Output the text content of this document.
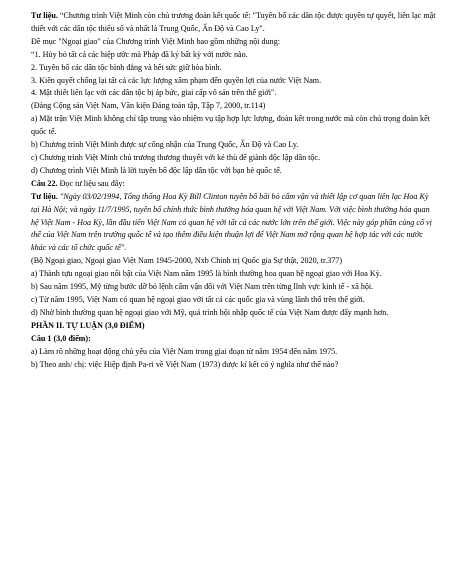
Tư liệu. “Chương trình Việt Minh còn chủ trương đoàn kết quốc tế: "Tuyên bố các dân tộc được quyền tự quyết, liên lạc mật thiết với các dân tộc thiểu số và nhất là Trung Quốc, Ấn Độ và Cao Ly".

Đề mục "Ngoại giao" của Chương trình Việt Minh bao gồm những nội dung:

“1. Hủy bỏ tất cả các hiệp ước mà Pháp đã ký bất kỳ với nước nào.

2. Tuyên bố các dân tộc bình đẳng và hết sức giữ hòa bình.

3. Kiên quyết chống lại tất cả các lực lượng xâm phạm đến quyền lợi của nước Việt Nam.

4. Mật thiết liên lạc với các dân tộc bị áp bức, giai cấp vô sản trên thế giới".

(Đảng Cộng sản Việt Nam, Văn kiện Đảng toàn tập, Tập 7, 2000, tr.114)

a) Mặt trận Việt Minh không chỉ tập trung vào nhiệm vụ tập hợp lực lượng, đoàn kết trong nước mà còn chú trọng đoàn kết quốc tế.

b) Chương trình Việt Minh được sự công nhận của Trung Quốc, Ấn Độ và Cao Ly.

c) Chương trình Việt Minh chủ trương thương thuyết với kẻ thù để giành độc lập dân tộc.

d) Chương trình Việt Minh là lời tuyên bố độc lập dân tộc với bạn bè quốc tế.

Câu 22. Đọc tư liệu sau đây:

Tư liệu. "Ngày 03/02/1994, Tổng thống Hoa Kỳ Bill Clinton tuyên bố bãi bỏ cấm vận và thiết lập cơ quan liên lạc Hoa Kỳ tại Hà Nội; và ngày 11/7/1995, tuyên bố chính thức bình thường hóa quan hệ với Việt Nam. Với việc bình thường hóa quan hệ Việt Nam - Hoa Kỳ, lần đầu tiên Việt Nam có quan hệ với tất cả các nước lớn trên thế giới. Việc này góp phần củng cố vị thế của Việt Nam trên trường quốc tế và tạo thêm điều kiện thuận lợi để Việt Nam mở rộng quan hệ hợp tác với các nước khác và các tổ chức quốc tế".

(Bộ Ngoại giao, Ngoại giao Việt Nam 1945-2000, Nxb Chính trị Quốc gia Sự thật, 2020, tr.377)

a) Thành tựu ngoại giao nổi bật của Việt Nam năm 1995 là bình thường hoa quan hệ ngoại giao với Hoa Kỳ.

b) Sau năm 1995, Mỹ từng bước dỡ bỏ lệnh cấm vận đối với Việt Nam trên từng lĩnh vực kinh tế - xã hội.

c) Từ năm 1995, Việt Nam có quan hệ ngoại giao với tất cả các quốc gia và vùng lãnh thổ trên thế giới.

d) Nhờ bình thường quan hệ ngoại giao với Mỹ, quá trình hội nhập quốc tế của Việt Nam được đẩy mạnh hơn.

PHẦN II. TỰ LUẬN (3,0 ĐIỂM)

Câu 1 (3,0 điểm):

a) Làm rõ những hoạt động chủ yếu của Việt Nam trong giai đoạn từ năm 1954 đến năm 1975.

b) Theo anh/ chị: việc Hiệp định Pa-ri về Việt Nam (1973) được kí kết có ý nghĩa như thế nào?
